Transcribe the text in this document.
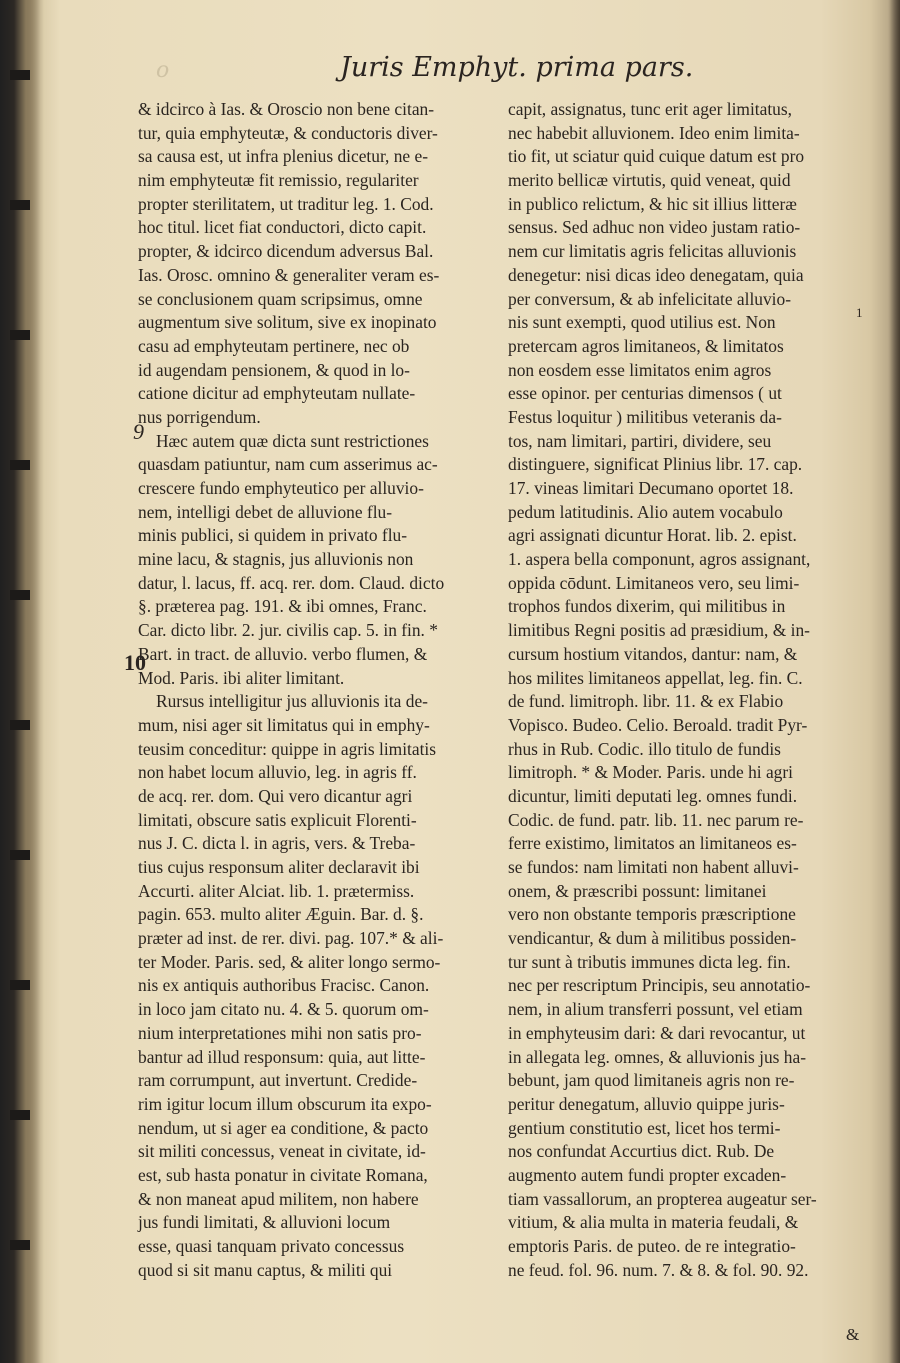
o	Juris Emphyt. prima pars.
& idcirco à Ias. & Oroscio non bene citan-
tur, quia emphyteutæ, & conductoris diver-
sa causa est, ut infra plenius dicetur, ne e-
nim emphyteutæ fit remissio, regulariter
propter sterilitatem, ut traditur leg. 1. Cod.
hoc titul. licet fiat conductori, dicto capit.
propter, & idcirco dicendum adversus Bal.
Ias. Orosc. omnino & generaliter veram es-
se conclusionem quam scripsimus, omne
augmentum sive solitum, sive ex inopinato
casu ad emphyteutam pertinere, nec ob
id augendam pensionem, & quod in lo-
catione dicitur ad emphyteutam nullate-
nus porrigendum.
Hæc autem quæ dicta sunt restrictiones
quasdam patiuntur, nam cum asserimus ac-
crescere fundo emphyteutico per alluvio-
nem, intelligi debet de alluvione flu-
minis publici, si quidem in privato flu-
mine lacu, & stagnis, jus alluvionis non
datur, l. lacus, ff. acq. rer. dom. Claud. dicto
§. præterea pag. 191. & ibi omnes, Franc.
Car. dicto libr. 2. jur. civilis cap. 5. in fin. *
Bart. in tract. de alluvio. verbo flumen, &
Mod. Paris. ibi aliter limitant.
Rursus intelligitur jus alluvionis ita de-
mum, nisi ager sit limitatus qui in emphy-
teusim conceditur: quippe in agris limitatis
non habet locum alluvio, leg. in agris ff.
de acq. rer. dom. Qui vero dicantur agri
limitati, obscure satis explicuit Florenti-
nus J. C. dicta l. in agris, vers. & Treba-
tius cujus responsum aliter declaravit ibi
Accurti. aliter Alciat. lib. 1. prætermiss.
pagin. 653. multo aliter Æguin. Bar. d. §.
præter ad inst. de rer. divi. pag. 107.* & ali-
ter Moder. Paris. sed, & aliter longo sermo-
nis ex antiquis authoribus Fracisc. Canon.
in loco jam citato nu. 4. & 5. quorum om-
nium interpretationes mihi non satis pro-
bantur ad illud responsum: quia, aut litte-
ram corrumpunt, aut invertunt. Credide-
rim igitur locum illum obscurum ita expo-
nendum, ut si ager ea conditione, & pacto
sit militi concessus, veneat in civitate, id-
est, sub hasta ponatur in civitate Romana,
& non maneat apud militem, non habere
jus fundi limitati, & alluvioni locum
esse, quasi tanquam privato concessus
quod si sit manu captus, & militi qui
capit, assignatus, tunc erit ager limitatus,
nec habebit alluvionem. Ideo enim limita-
tio fit, ut sciatur quid cuique datum est pro
merito bellicæ virtutis, quid veneat, quid
in publico relictum, & hic sit illius litteræ
sensus. Sed adhuc non video justam ratio-
nem cur limitatis agris felicitas alluvionis
denegetur: nisi dicas ideo denegatam, quia
per conversum, & ab infelicitate alluvio-
nis sunt exempti, quod utilius est. Non
pretercam agros limitaneos, & limitatos
non eosdem esse limitatos enim agros
esse opinor. per centurias dimensos ( ut
Festus loquitur ) militibus veteranis da-
tos, nam limitari, partiri, dividere, seu
distinguere, significat Plinius libr. 17. cap.
17. vineas limitari Decumano oportet 18.
pedum latitudinis. Alio autem vocabulo
agri assignati dicuntur Horat. lib. 2. epist.
1. aspera bella componunt, agros assignant,
oppida cōdunt. Limitaneos vero, seu limi-
trophos fundos dixerim, qui militibus in
limitibus Regni positis ad præsidium, & in-
cursum hostium vitandos, dantur: nam, &
hos milites limitaneos appellat, leg. fin. C.
de fund. limitroph. libr. 11. & ex Flabio
Vopisco. Budeo. Celio. Beroald. tradit Pyr-
rhus in Rub. Codic. illo titulo de fundis
limitroph. * & Moder. Paris. unde hi agri
dicuntur, limiti deputati leg. omnes fundi.
Codic. de fund. patr. lib. 11. nec parum re-
ferre existimo, limitatos an limitaneos es-
se fundos: nam limitati non habent alluvi-
onem, & præscribi possunt: limitanei
vero non obstante temporis præscriptione
vendicantur, & dum à militibus possiden-
tur sunt à tributis immunes dicta leg. fin.
nec per rescriptum Principis, seu annotatio-
nem, in alium transferri possunt, vel etiam
in emphyteusim dari: & dari revocantur, ut
in allegata leg. omnes, & alluvionis jus ha-
bebunt, jam quod limitaneis agris non re-
peritur denegatum, alluvio quippe juris-
gentium constitutio est, licet hos termi-
nos confundat Accurtius dict. Rub. De
augmento autem fundi propter excaden-
tiam vassallorum, an propterea augeatur ser-
vitium, & alia multa in materia feudali, &
emptoris Paris. de puteo. de re integratio-
ne feud. fol. 96. num. 7. & 8. & fol. 90. 92.
9
10
1
&
